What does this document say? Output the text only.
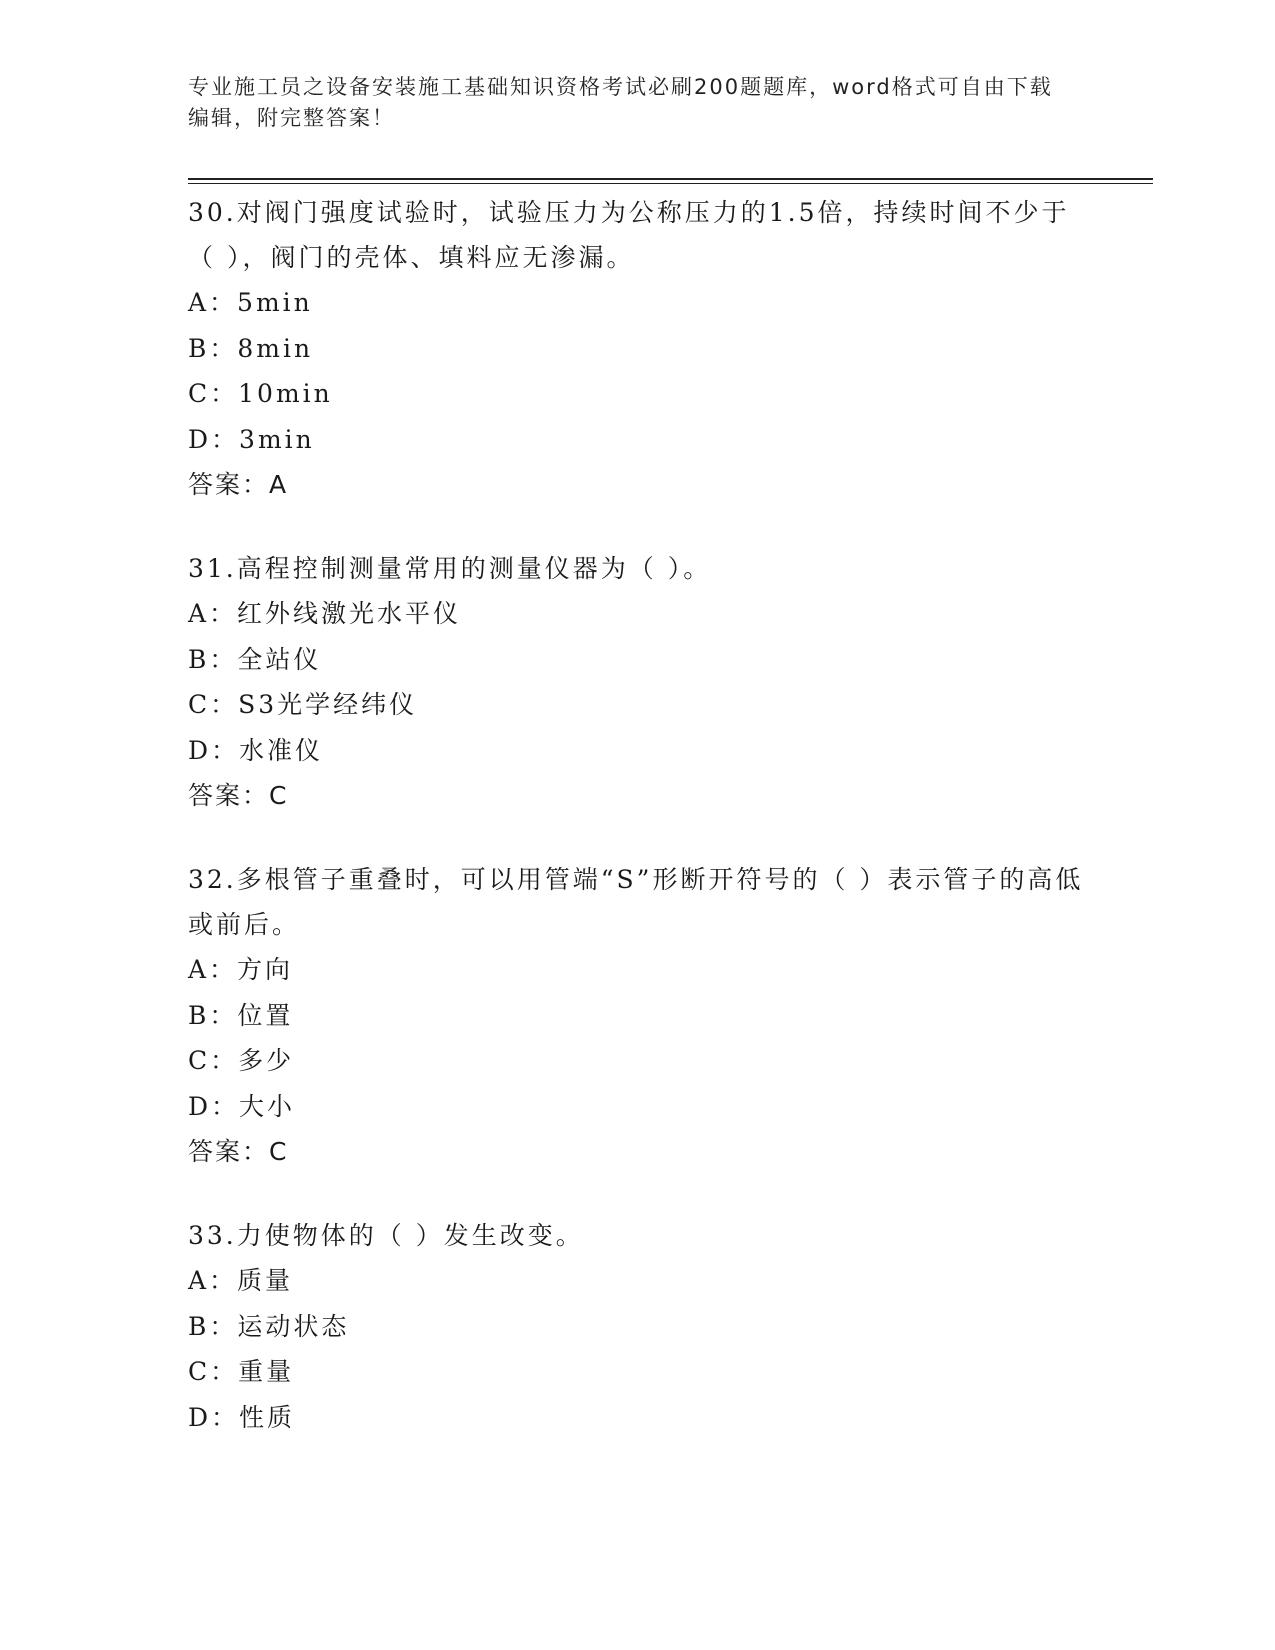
专业施工员之设备安装施工基础知识资格考试必刷200题题库，word格式可自由下载编辑，附完整答案！

30.对阀门强度试验时，试验压力为公称压力的1.5倍，持续时间不少于（ ），阀门的壳体、填料应无渗漏。

A：5min

B：8min

C：10min

D：3min

答案：A

31.高程控制测量常用的测量仪器为（ ）。

A：红外线激光水平仪

B：全站仪

C：S3光学经纬仪

D：水准仪

答案：C

32.多根管子重叠时，可以用管端“S”形断开符号的（ ）表示管子的高低或前后。

A：方向

B：位置

C：多少

D：大小

答案：C

33.力使物体的（ ）发生改变。

A：质量

B：运动状态

C：重量

D：性质
